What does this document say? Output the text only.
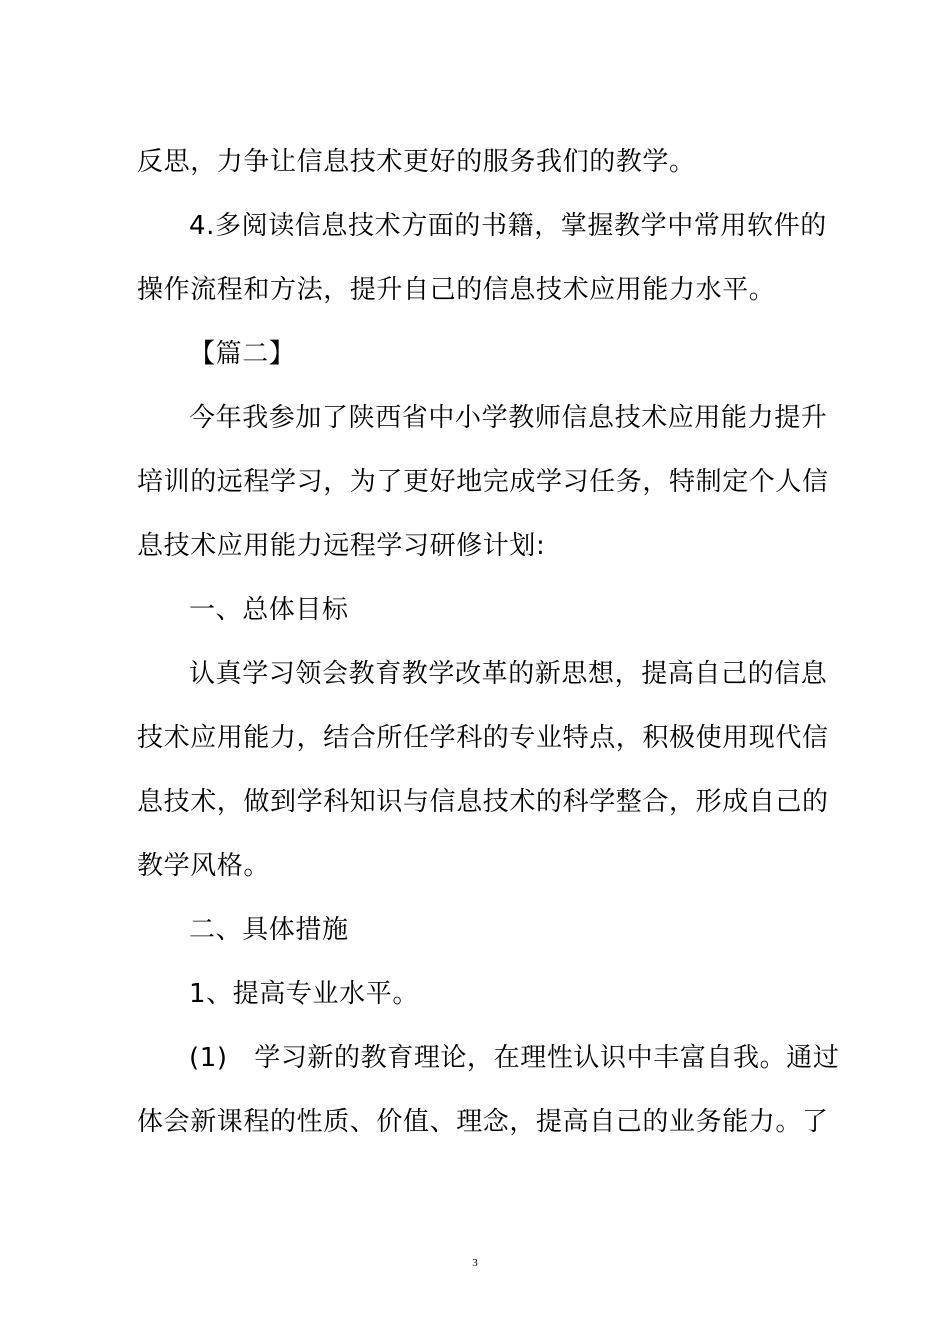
反思，力争让信息技术更好的服务我们的教学。
4.多阅读信息技术方面的书籍，掌握教学中常用软件的
操作流程和方法，提升自己的信息技术应用能力水平。
【篇二】
今年我参加了陕西省中小学教师信息技术应用能力提升
培训的远程学习，为了更好地完成学习任务，特制定个人信
息技术应用能力远程学习研修计划:
一、总体目标
认真学习领会教育教学改革的新思想，提高自己的信息
技术应用能力，结合所任学科的专业特点，积极使用现代信
息技术，做到学科知识与信息技术的科学整合，形成自己的
教学风格。
二、具体措施
1、提高专业水平。
(1)　学习新的教育理论，在理性认识中丰富自我。通过
体会新课程的性质、价值、理念，提高自己的业务能力。了
3
